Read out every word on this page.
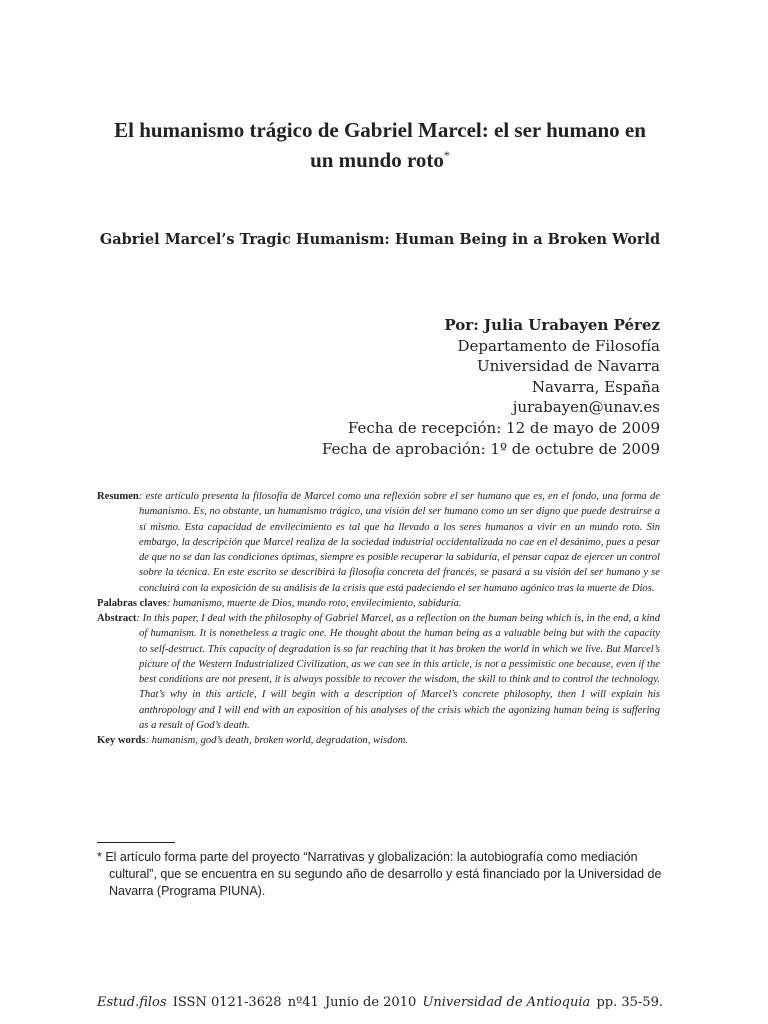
El humanismo trágico de Gabriel Marcel: el ser humano en
un mundo roto*
Gabriel Marcel’s Tragic Humanism: Human Being in a Broken World
Por: Julia Urabayen Pérez
Departamento de Filosofía
Universidad de Navarra
Navarra, España
jurabayen@unav.es
Fecha de recepción: 12 de mayo de 2009
Fecha de aprobación: 1º de octubre de 2009

Resumen: este artículo presenta la filosofía de Marcel como una reflexión sobre el ser humano que es, en el fondo, una forma de humanismo. Es, no obstante, un humanismo trágico, una visión del ser humano como un ser digno que puede destruirse a sí mismo. Esta capacidad de envilecimiento es tal que ha llevado a los seres humanos a vivir en un mundo roto. Sin embargo, la descripción que Marcel realiza de la sociedad industrial occidentalizada no cae en el desánimo, pues a pesar de que no se dan las condiciones óptimas, siempre es posible recuperar la sabiduría, el pensar capaz de ejercer un control sobre la técnica. En este escrito se describirá la filosofía concreta del francés, se pasará a su visión del ser humano y se concluirá con la exposición de su análisis de la crisis que está padeciendo el ser humano agónico tras la muerte de Dios.

Palabras claves: humanismo, muerte de Dios, mundo roto, envilecimiento, sabiduría.

Abstract: In this paper, I deal with the philosophy of Gabriel Marcel, as a reflection on the human being which is, in the end, a kind of humanism. It is nonetheless a tragic one. He thought about the human being as a valuable being but with the capacity to self-destruct. This capacity of degradation is so far reaching that it has broken the world in which we live. But Marcel’s picture of the Western Industrialized Civilization, as we can see in this article, is not a pessimistic one because, even if the best conditions are not present, it is always possible to recover the wisdom, the skill to think and to control the technology. That’s why in this article, I will begin with a description of Marcel’s concrete philosophy, then I will explain his anthropology and I will end with an exposition of his analyses of the crisis which the agonizing human being is suffering as a result of God’s death.

Key words: humanism, god’s death, broken world, degradation, wisdom.

* El artículo forma parte del proyecto “Narrativas y globalización: la autobiografía como mediación cultural”, que se encuentra en su segundo año de desarrollo y está financiado por la Universidad de Navarra (Programa PIUNA).

Estud.filos ISSN 0121-3628 nº41 Junio de 2010 Universidad de Antioquia pp. 35-59.
